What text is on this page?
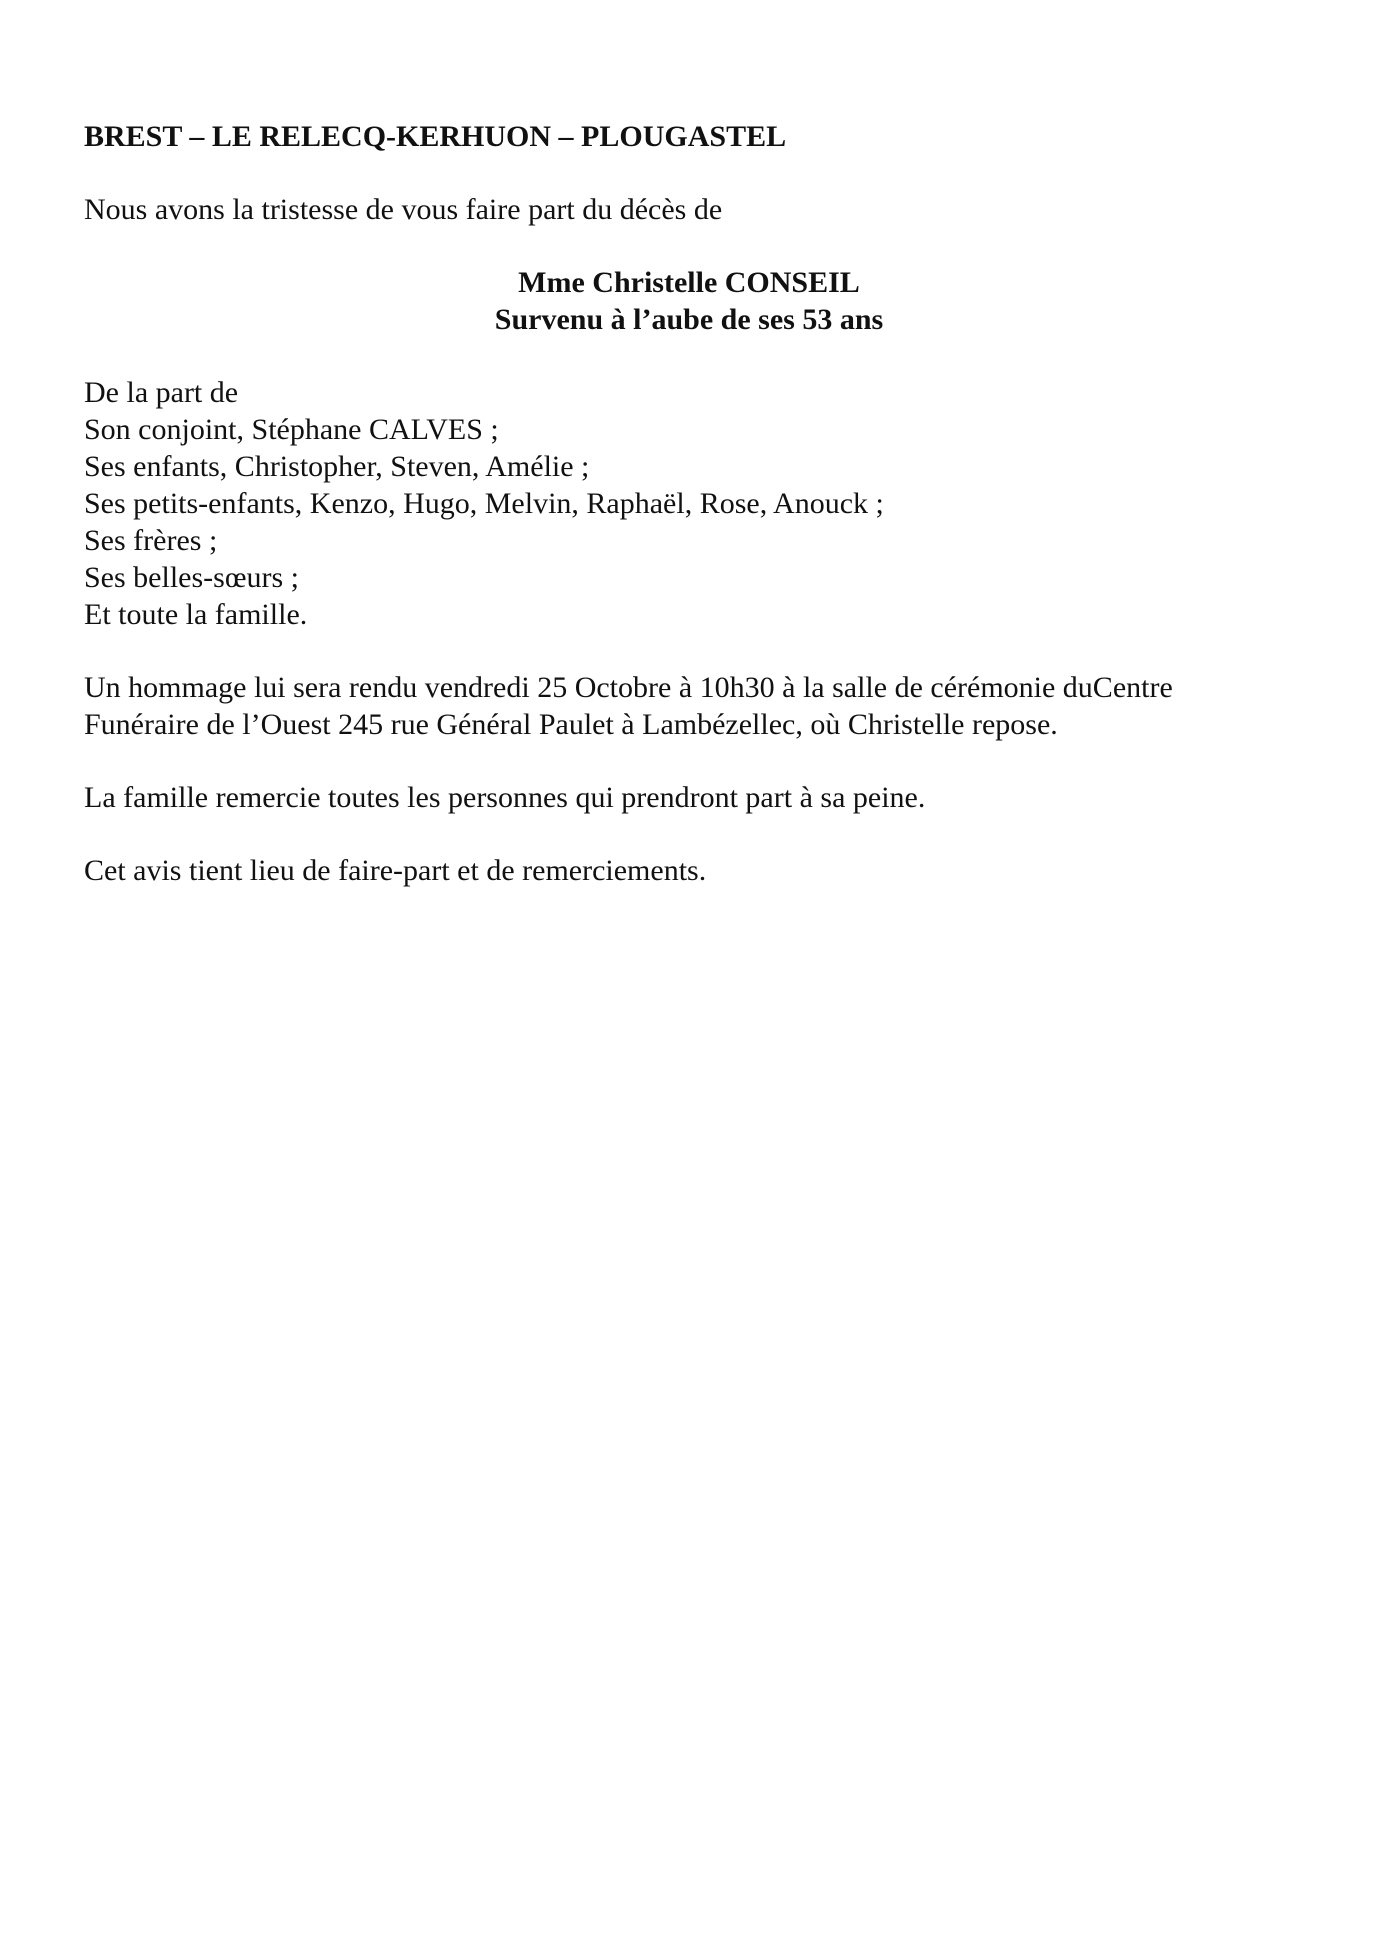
BREST – LE RELECQ-KERHUON – PLOUGASTEL

Nous avons la tristesse de vous faire part du décès de

Mme Christelle CONSEIL
Survenu à l’aube de ses 53 ans
De la part de
Son conjoint, Stéphane CALVES ;
Ses enfants, Christopher, Steven, Amélie ;
Ses petits-enfants, Kenzo, Hugo, Melvin, Raphaël, Rose, Anouck ;
Ses frères ;
Ses belles-sœurs ;
Et toute la famille.
Un hommage lui sera rendu vendredi 25 Octobre à 10h30 à la salle de cérémonie duCentre
Funéraire de l’Ouest 245 rue Général Paulet à Lambézellec, où Christelle repose.

La famille remercie toutes les personnes qui prendront part à sa peine.

Cet avis tient lieu de faire-part et de remerciements.
